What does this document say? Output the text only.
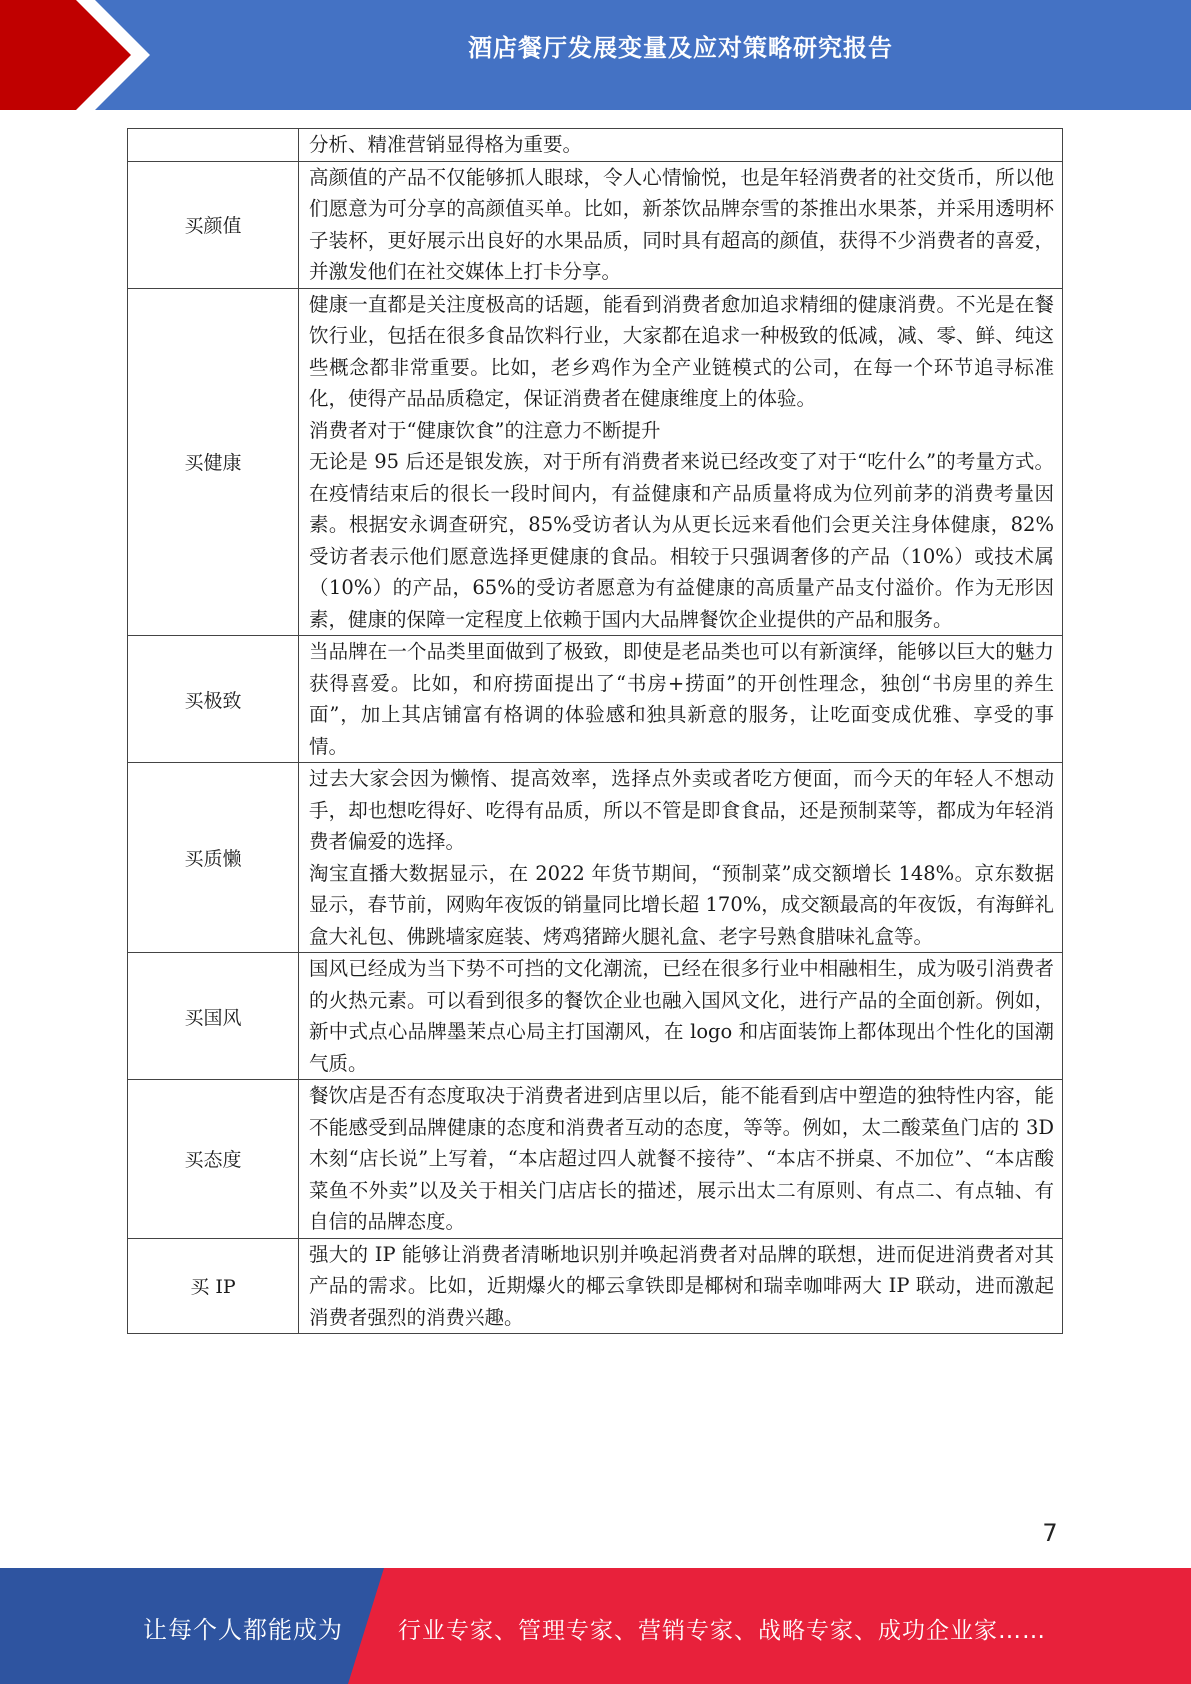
酒店餐厅发展变量及应对策略研究报告

	分析、精准营销显得格为重要。

买颜值	高颜值的产品不仅能够抓人眼球，令人心情愉悦，也是年轻消费者的社交货币，所以他们愿意为可分享的高颜值买单。比如，新茶饮品牌奈雪的茶推出水果茶，并采用透明杯子装杯，更好展示出良好的水果品质，同时具有超高的颜值，获得不少消费者的喜爱，并激发他们在社交媒体上打卡分享。

买健康	健康一直都是关注度极高的话题，能看到消费者愈加追求精细的健康消费。不光是在餐饮行业，包括在很多食品饮料行业，大家都在追求一种极致的低减，减、零、鲜、纯这些概念都非常重要。比如，老乡鸡作为全产业链模式的公司，在每一个环节追寻标准化，使得产品品质稳定，保证消费者在健康维度上的体验。

消费者对于“健康饮食”的注意力不断提升

无论是 95 后还是银发族，对于所有消费者来说已经改变了对于“吃什么”的考量方式。在疫情结束后的很长一段时间内，有益健康和产品质量将成为位列前茅的消费考量因素。根据安永调查研究，85%受访者认为从更长远来看他们会更关注身体健康，82%受访者表示他们愿意选择更健康的食品。相较于只强调奢侈的产品（10%）或技术属（10%）的产品，65%的受访者愿意为有益健康的高质量产品支付溢价。作为无形因素，健康的保障一定程度上依赖于国内大品牌餐饮企业提供的产品和服务。

买极致	当品牌在一个品类里面做到了极致，即使是老品类也可以有新演绎，能够以巨大的魅力获得喜爱。比如，和府捞面提出了“书房+捞面”的开创性理念，独创“书房里的养生面”，加上其店铺富有格调的体验感和独具新意的服务，让吃面变成优雅、享受的事情。

买质懒	过去大家会因为懒惰、提高效率，选择点外卖或者吃方便面，而今天的年轻人不想动手，却也想吃得好、吃得有品质，所以不管是即食食品，还是预制菜等，都成为年轻消费者偏爱的选择。

淘宝直播大数据显示，在 2022 年货节期间，“预制菜”成交额增长 148%。京东数据显示，春节前，网购年夜饭的销量同比增长超 170%，成交额最高的年夜饭，有海鲜礼盒大礼包、佛跳墙家庭装、烤鸡猪蹄火腿礼盒、老字号熟食腊味礼盒等。

买国风	国风已经成为当下势不可挡的文化潮流，已经在很多行业中相融相生，成为吸引消费者的火热元素。可以看到很多的餐饮企业也融入国风文化，进行产品的全面创新。例如，新中式点心品牌墨茉点心局主打国潮风，在 logo 和店面装饰上都体现出个性化的国潮气质。

买态度	餐饮店是否有态度取决于消费者进到店里以后，能不能看到店中塑造的独特性内容，能不能感受到品牌健康的态度和消费者互动的态度，等等。例如，太二酸菜鱼门店的 3D 木刻“店长说”上写着，“本店超过四人就餐不接待”、“本店不拼桌、不加位”、“本店酸菜鱼不外卖”以及关于相关门店店长的描述，展示出太二有原则、有点二、有点轴、有自信的品牌态度。

买 IP	强大的 IP 能够让消费者清晰地识别并唤起消费者对品牌的联想，进而促进消费者对其产品的需求。比如，近期爆火的椰云拿铁即是椰树和瑞幸咖啡两大 IP 联动，进而激起消费者强烈的消费兴趣。

7
让每个人都能成为 行业专家、管理专家、营销专家、战略专家、成功企业家……
